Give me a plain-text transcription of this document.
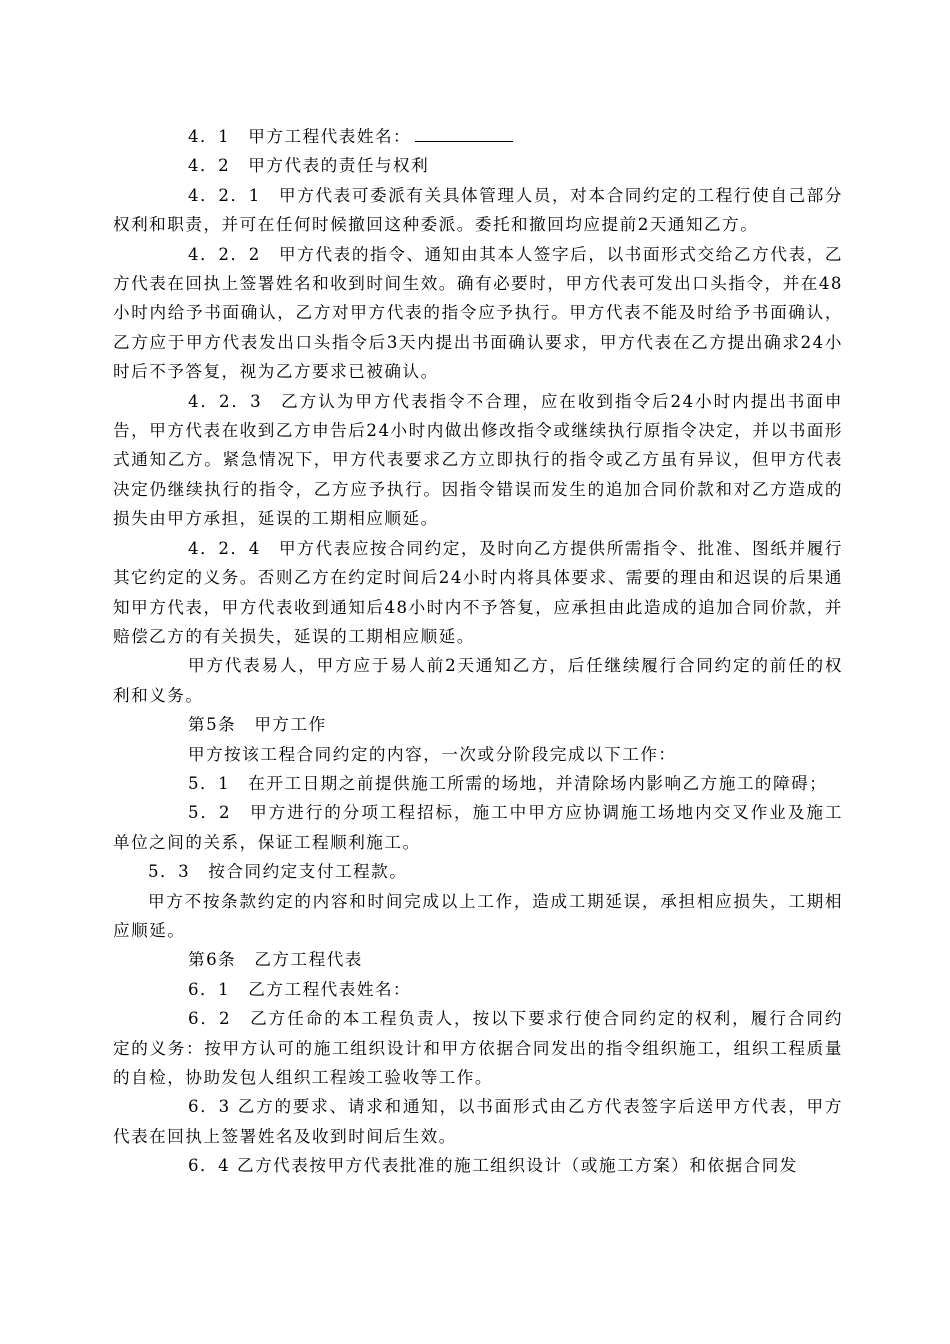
4．1　甲方工程代表姓名：

4．2　甲方代表的责任与权利

4．2．1　甲方代表可委派有关具体管理人员，对本合同约定的工程行使自己部分权利和职责，并可在任何时候撤回这种委派。委托和撤回均应提前2天通知乙方。

4．2．2　甲方代表的指令、通知由其本人签字后，以书面形式交给乙方代表，乙方代表在回执上签署姓名和收到时间生效。确有必要时，甲方代表可发出口头指令，并在48小时内给予书面确认，乙方对甲方代表的指令应予执行。甲方代表不能及时给予书面确认，乙方应于甲方代表发出口头指令后3天内提出书面确认要求，甲方代表在乙方提出确求24小时后不予答复，视为乙方要求已被确认。

4．2．3　乙方认为甲方代表指令不合理，应在收到指令后24小时内提出书面申告，甲方代表在收到乙方申告后24小时内做出修改指令或继续执行原指令决定，并以书面形式通知乙方。紧急情况下，甲方代表要求乙方立即执行的指令或乙方虽有异议，但甲方代表决定仍继续执行的指令，乙方应予执行。因指令错误而发生的追加合同价款和对乙方造成的损失由甲方承担，延误的工期相应顺延。

4．2．4　甲方代表应按合同约定，及时向乙方提供所需指令、批准、图纸并履行其它约定的义务。否则乙方在约定时间后24小时内将具体要求、需要的理由和迟误的后果通知甲方代表，甲方代表收到通知后48小时内不予答复，应承担由此造成的追加合同价款，并赔偿乙方的有关损失，延误的工期相应顺延。

甲方代表易人，甲方应于易人前2天通知乙方，后任继续履行合同约定的前任的权利和义务。

第5条　甲方工作

甲方按该工程合同约定的内容，一次或分阶段完成以下工作：

5．1　在开工日期之前提供施工所需的场地，并清除场内影响乙方施工的障碍；

5．2　甲方进行的分项工程招标，施工中甲方应协调施工场地内交叉作业及施工单位之间的关系，保证工程顺利施工。

5．3　按合同约定支付工程款。

甲方不按条款约定的内容和时间完成以上工作，造成工期延误，承担相应损失，工期相应顺延。

第6条　乙方工程代表

6．1　乙方工程代表姓名：

6．2　乙方任命的本工程负责人，按以下要求行使合同约定的权利，履行合同约定的义务：按甲方认可的施工组织设计和甲方依据合同发出的指令组织施工，组织工程质量的自检，协助发包人组织工程竣工验收等工作。

6．3 乙方的要求、请求和通知，以书面形式由乙方代表签字后送甲方代表，甲方代表在回执上签署姓名及收到时间后生效。

6．4 乙方代表按甲方代表批准的施工组织设计（或施工方案）和依据合同发
